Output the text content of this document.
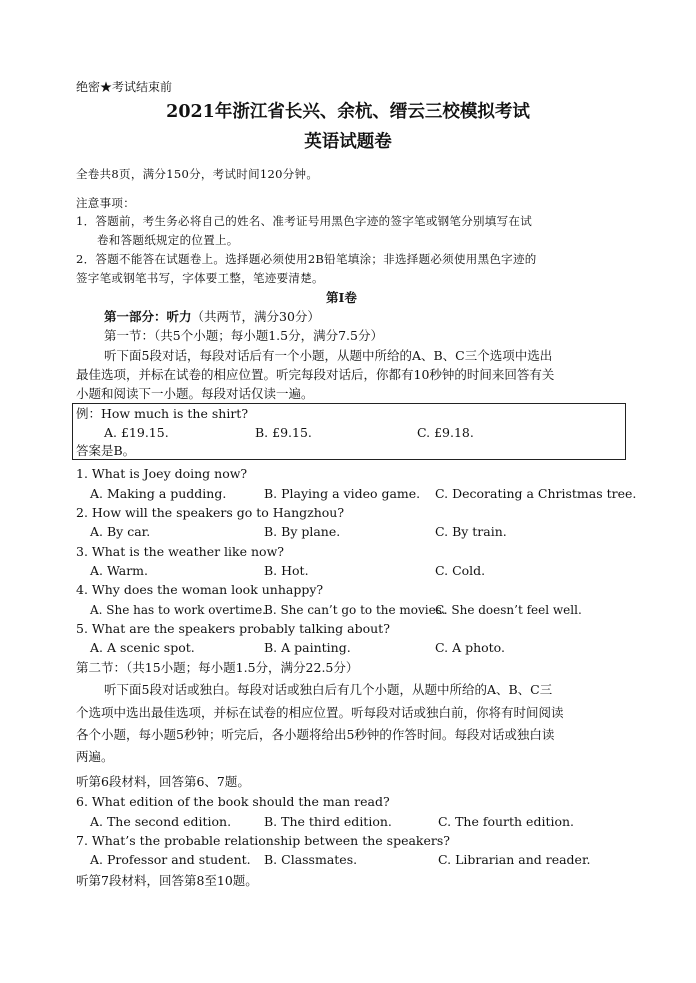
绝密★考试结束前
2021年浙江省长兴、余杭、缙云三校模拟考试
英语试题卷
全卷共8页，满分150分，考试时间120分钟。
注意事项：
1．答题前，考生务必将自己的姓名、准考证号用黑色字迹的签字笔或钢笔分别填写在试
卷和答题纸规定的位置上。
2．答题不能答在试题卷上。选择题必须使用2B铅笔填涂；非选择题必须使用黑色字迹的
签字笔或钢笔书写，字体要工整，笔迹要清楚。
第Ⅰ卷
第一部分：听力（共两节，满分30分）
第一节：（共5个小题；每小题1.5分，满分7.5分）
听下面5段对话，每段对话后有一个小题，从题中所给的A、B、C三个选项中选出
最佳选项，并标在试卷的相应位置。听完每段对话后，你都有10秒钟的时间来回答有关
小题和阅读下一小题。每段对话仅读一遍。
例：How much is the shirt?
A. £19.15.	B. £9.15.	C. £9.18.
答案是B。
1. What is Joey doing now?
A. Making a pudding.	B. Playing a video game. C. Decorating a Christmas tree.
2. How will the speakers go to Hangzhou?
A. By car.	B. By plane.	C. By train.
3. What is the weather like now?
A. Warm.	B. Hot.	C. Cold.
4. Why does the woman look unhappy?
A. She has to work overtime.
B. She can’t go to the movies.
C. She doesn’t feel well.
5. What are the speakers probably talking about?
A. A scenic spot.	B. A painting.	C. A photo.
第二节：（共15小题；每小题1.5分，满分22.5分）
听下面5段对话或独白。每段对话或独白后有几个小题，从题中所给的A、B、C三
个选项中选出最佳选项，并标在试卷的相应位置。听每段对话或独白前，你将有时间阅读
各个小题，每小题5秒钟；听完后，各小题将给出5秒钟的作答时间。每段对话或独白读
两遍。
听第6段材料，回答第6、7题。
6. What edition of the book should the man read?
A. The second edition.	B. The third edition.	C. The fourth edition.
7. What’s the probable relationship between the speakers?
A. Professor and student. B. Classmates.	C. Librarian and reader.
听第7段材料，回答第8至10题。
